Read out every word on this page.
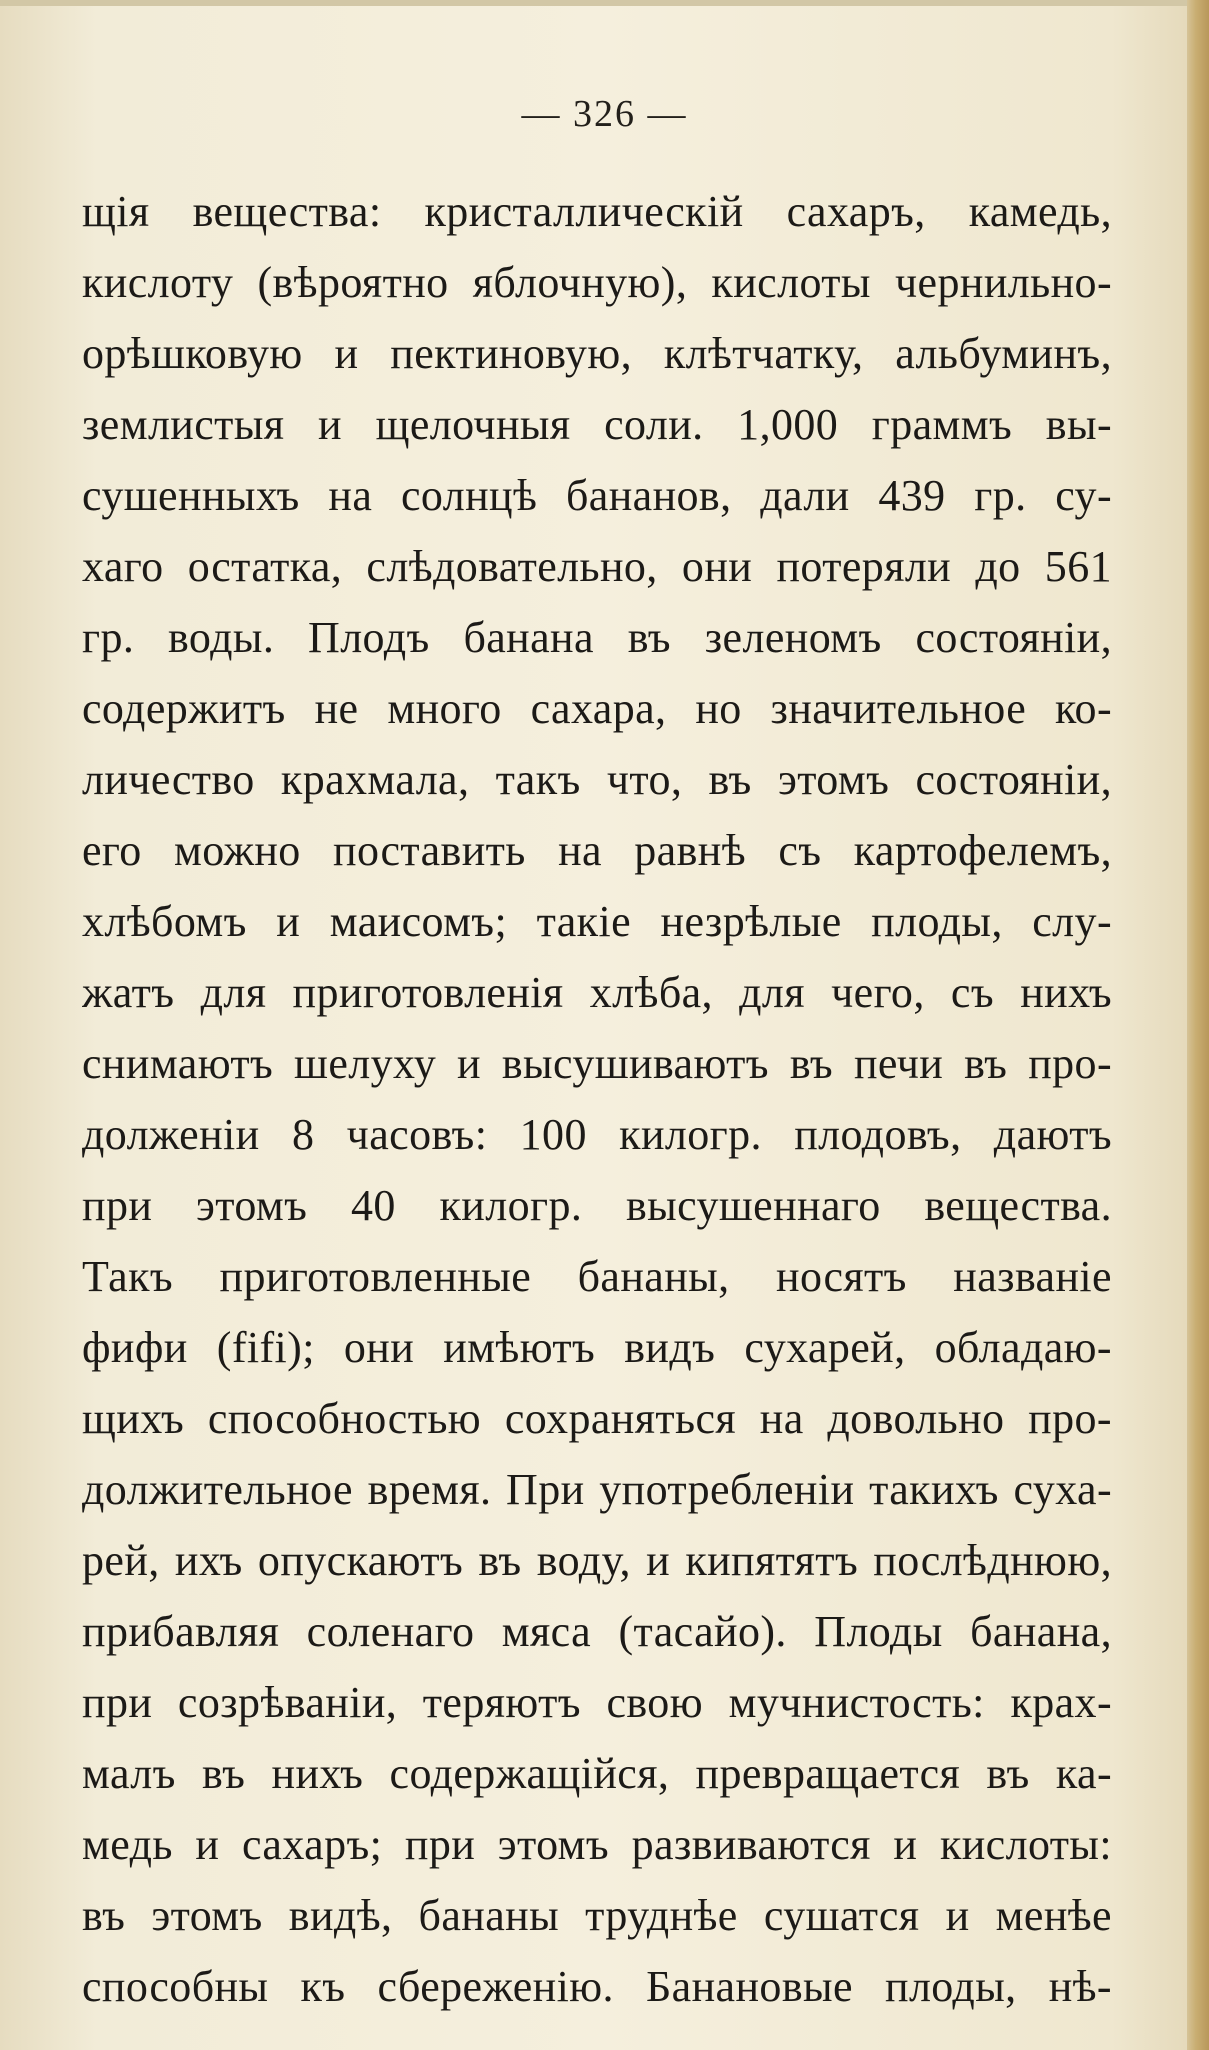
— 326 —
щія вещества: кристаллическій сахаръ, камедь,
кислоту (вѣроятно яблочную), кислоты чернильно-
орѣшковую и пектиновую, клѣтчатку, альбуминъ,
землистыя и щелочныя соли. 1,000 граммъ вы-
сушенныхъ на солнцѣ бананов, дали 439 гр. су-
хаго остатка, слѣдовательно, они потеряли до 561
гр. воды. Плодъ банана въ зеленомъ состояніи,
содержитъ не много сахара, но значительное ко-
личество крахмала, такъ что, въ этомъ состояніи,
его можно поставить на равнѣ съ картофелемъ,
хлѣбомъ и маисомъ; такіе незрѣлые плоды, слу-
жатъ для приготовленія хлѣба, для чего, съ нихъ
снимаютъ шелуху и высушиваютъ въ печи въ про-
долженіи 8 часовъ: 100 килогр. плодовъ, даютъ
при этомъ 40 килогр. высушеннаго вещества.
Такъ приготовленные бананы, носятъ названіе
фифи (fifi); они имѣютъ видъ сухарей, обладаю-
щихъ способностью сохраняться на довольно про-
должительное время. При употребленіи такихъ суха-
рей, ихъ опускаютъ въ воду, и кипятятъ послѣднюю,
прибавляя соленаго мяса (тасайо). Плоды банана,
при созрѣваніи, теряютъ свою мучнистость: крах-
малъ въ нихъ содержащійся, превращается въ ка-
медь и сахаръ; при этомъ развиваются и кислоты:
въ этомъ видѣ, бананы труднѣе сушатся и менѣе
способны къ сбереженію. Банановые плоды, нѣ-
